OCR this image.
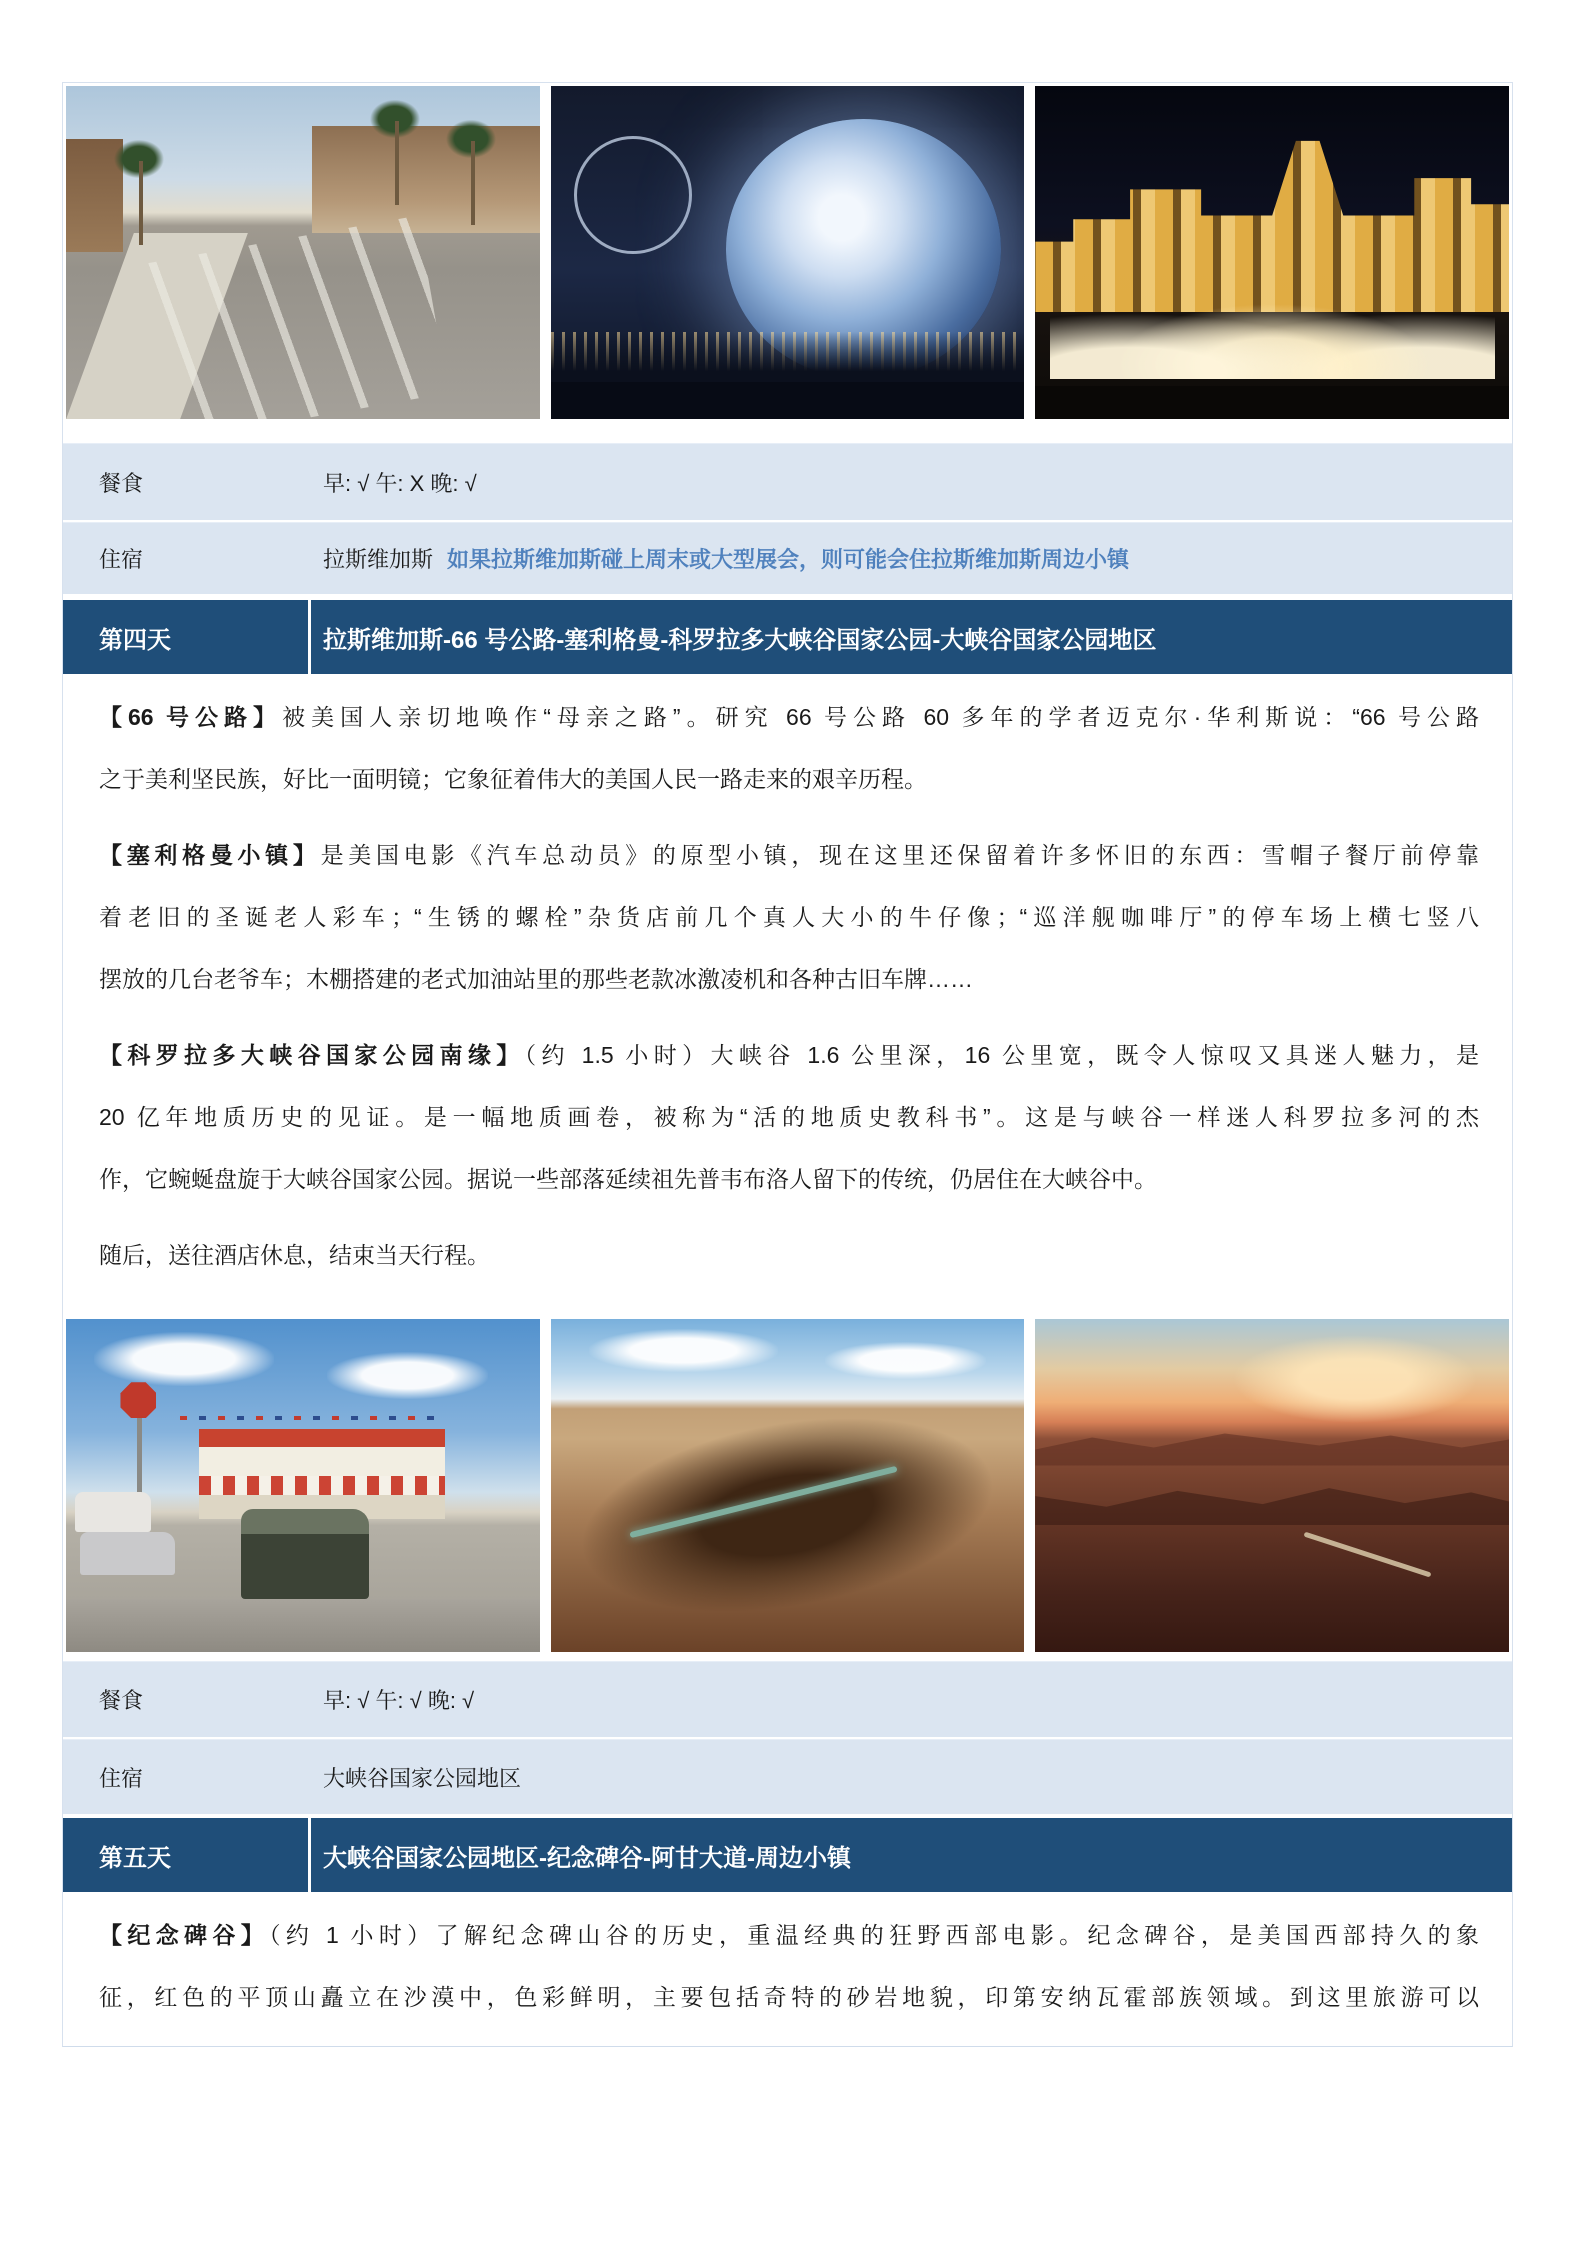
餐食	早: √ 午: X 晚: √
住宿	拉斯维加斯 如果拉斯维加斯碰上周末或大型展会，则可能会住拉斯维加斯周边小镇
第四天	拉斯维加斯-66 号公路-塞利格曼-科罗拉多大峡谷国家公园-大峡谷国家公园地区
【66 号公路】被美国人亲切地唤作“母亲之路”。研究 66 号公路 60 多年的学者迈克尔·华利斯说：“66 号公路
之于美利坚民族，好比一面明镜；它象征着伟大的美国人民一路走来的艰辛历程。
【塞利格曼小镇】是美国电影《汽车总动员》的原型小镇，现在这里还保留着许多怀旧的东西：雪帽子餐厅前停靠
着老旧的圣诞老人彩车；“生锈的螺栓”杂货店前几个真人大小的牛仔像；“巡洋舰咖啡厅”的停车场上横七竖八
摆放的几台老爷车；木棚搭建的老式加油站里的那些老款冰激凌机和各种古旧车牌……
【科罗拉多大峡谷国家公园南缘】（约 1.5 小时）大峡谷 1.6 公里深，16 公里宽，既令人惊叹又具迷人魅力，是
20 亿年地质历史的见证。是一幅地质画卷，被称为“活的地质史教科书”。这是与峡谷一样迷人科罗拉多河的杰
作，它蜿蜒盘旋于大峡谷国家公园。据说一些部落延续祖先普韦布洛人留下的传统，仍居住在大峡谷中。
随后，送往酒店休息，结束当天行程。
餐食	早: √ 午: √ 晚: √
住宿	大峡谷国家公园地区
第五天	大峡谷国家公园地区-纪念碑谷-阿甘大道-周边小镇
【纪念碑谷】（约 1 小时）了解纪念碑山谷的历史，重温经典的狂野西部电影。纪念碑谷，是美国西部持久的象
征，红色的平顶山矗立在沙漠中，色彩鲜明，主要包括奇特的砂岩地貌，印第安纳瓦霍部族领域。到这里旅游可以
